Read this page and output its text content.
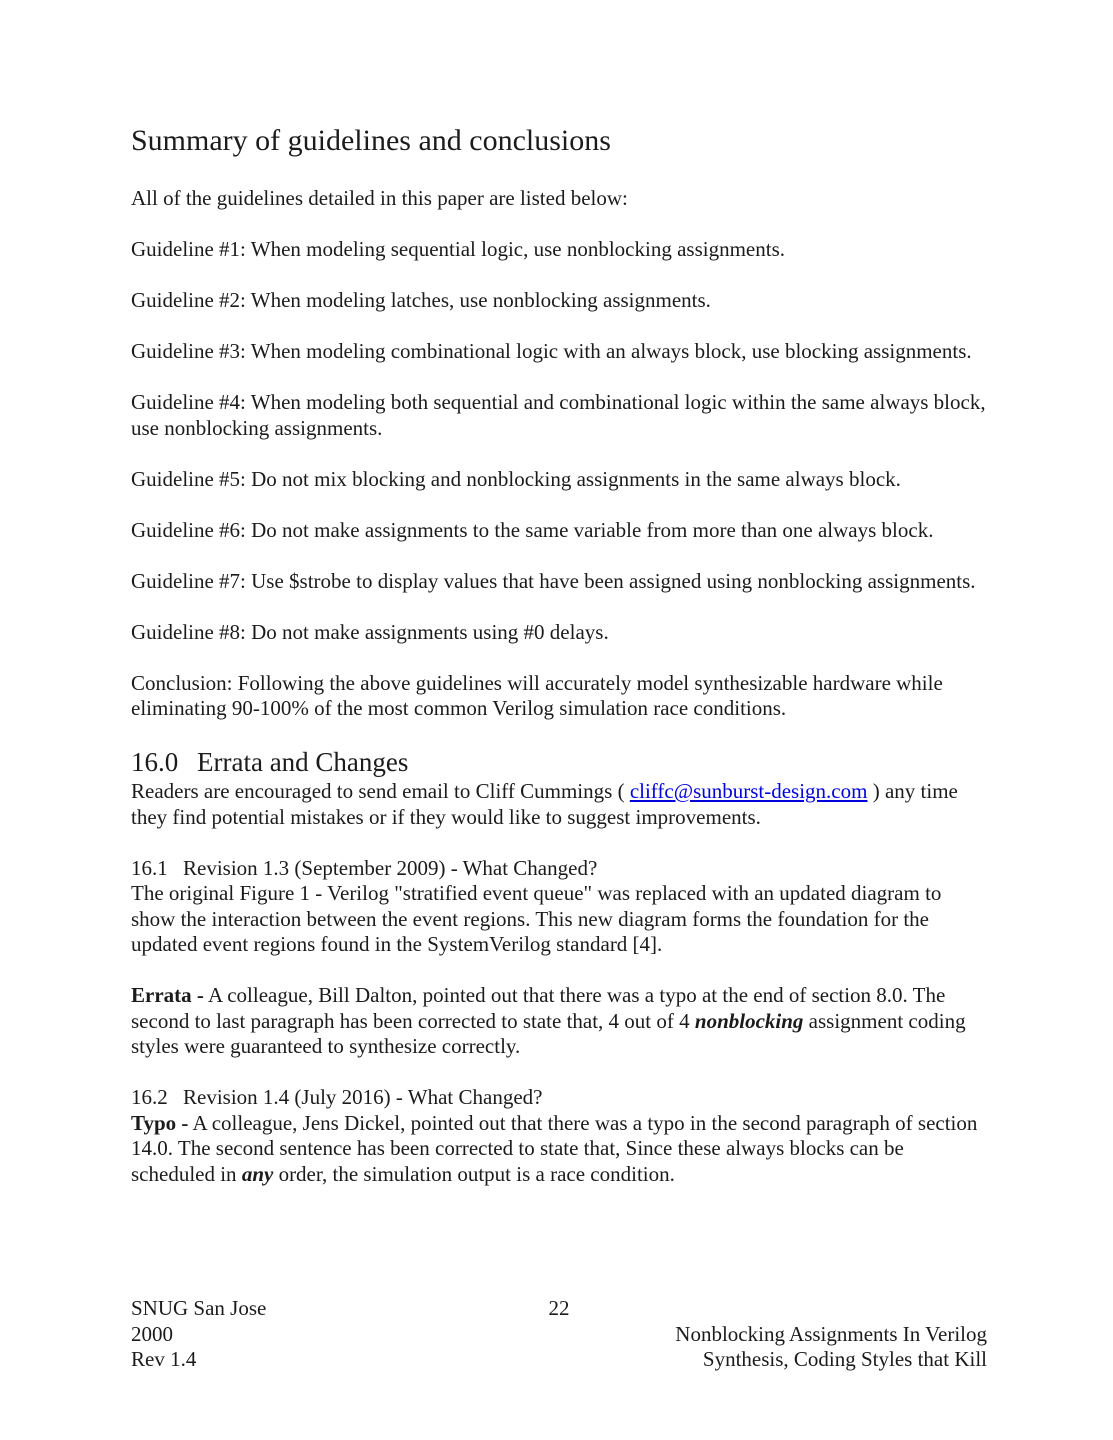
Summary of guidelines and conclusions

All of the guidelines detailed in this paper are listed below:

Guideline #1: When modeling sequential logic, use nonblocking assignments.

Guideline #2: When modeling latches, use nonblocking assignments.

Guideline #3: When modeling combinational logic with an always block, use blocking assignments.

Guideline #4: When modeling both sequential and combinational logic within the same always block, use nonblocking assignments.

Guideline #5: Do not mix blocking and nonblocking assignments in the same always block.

Guideline #6: Do not make assignments to the same variable from more than one always block.

Guideline #7: Use $strobe to display values that have been assigned using nonblocking assignments.

Guideline #8: Do not make assignments using #0 delays.

Conclusion: Following the above guidelines will accurately model synthesizable hardware while eliminating 90-100% of the most common Verilog simulation race conditions.

16.0 Errata and Changes

Readers are encouraged to send email to Cliff Cummings ( cliffc@sunburst-design.com ) any time they find potential mistakes or if they would like to suggest improvements.

16.1 Revision 1.3 (September 2009) - What Changed?

The original Figure 1 - Verilog "stratified event queue" was replaced with an updated diagram to show the interaction between the event regions. This new diagram forms the foundation for the updated event regions found in the SystemVerilog standard [4].

Errata - A colleague, Bill Dalton, pointed out that there was a typo at the end of section 8.0. The second to last paragraph has been corrected to state that, 4 out of 4 nonblocking assignment coding styles were guaranteed to synthesize correctly.

16.2 Revision 1.4 (July 2016) - What Changed?

Typo - A colleague, Jens Dickel, pointed out that there was a typo in the second paragraph of section 14.0. The second sentence has been corrected to state that, Since these always blocks can be scheduled in any order, the simulation output is a race condition.

SNUG San Jose
2000
Rev 1.4
22
Nonblocking Assignments In Verilog
Synthesis, Coding Styles that Kill
